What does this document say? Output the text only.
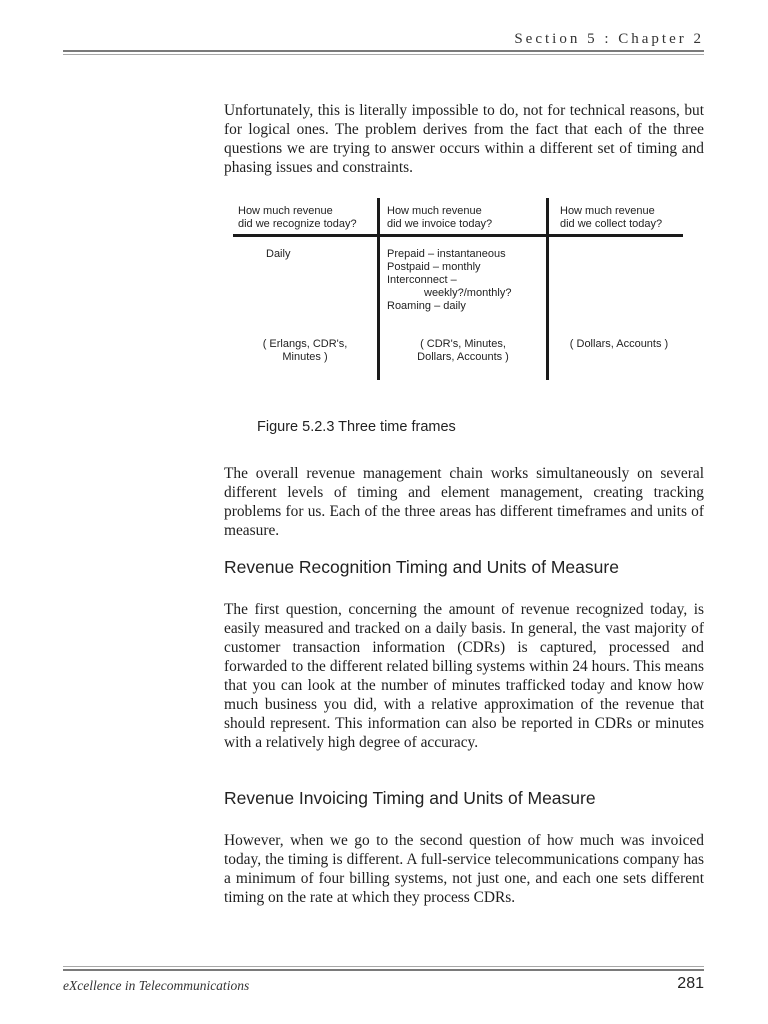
Section 5 : Chapter 2

Unfortunately, this is literally impossible to do, not for technical reasons, but for logical ones. The problem derives from the fact that each of the three questions we are trying to answer occurs within a different set of timing and phasing issues and constraints.

How much revenue
did we recognize today?
How much revenue
did we invoice today?
How much revenue
did we collect today?
Daily	Prepaid – instantaneous
Postpaid – monthly
Interconnect –
weekly?/monthly?
Roaming – daily
( Erlangs, CDR's,
Minutes )
( CDR's, Minutes,
Dollars, Accounts )
( Dollars, Accounts )
Figure 5.2.3 Three time frames

The overall revenue management chain works simultaneously on several different levels of timing and element management, creating tracking problems for us. Each of the three areas has different timeframes and units of measure.

Revenue Recognition Timing and Units of Measure

The first question, concerning the amount of revenue recognized today, is easily measured and tracked on a daily basis. In general, the vast majority of customer transaction information (CDRs) is captured, processed and forwarded to the different related billing systems within 24 hours. This means that you can look at the number of minutes trafficked today and know how much business you did, with a relative approximation of the revenue that should represent. This information can also be reported in CDRs or minutes with a relatively high degree of accuracy.

Revenue Invoicing Timing and Units of Measure

However, when we go to the second question of how much was invoiced today, the timing is different. A full-service telecommunications company has a minimum of four billing systems, not just one, and each one sets different timing on the rate at which they process CDRs.

eXcellence in Telecommunications	281
